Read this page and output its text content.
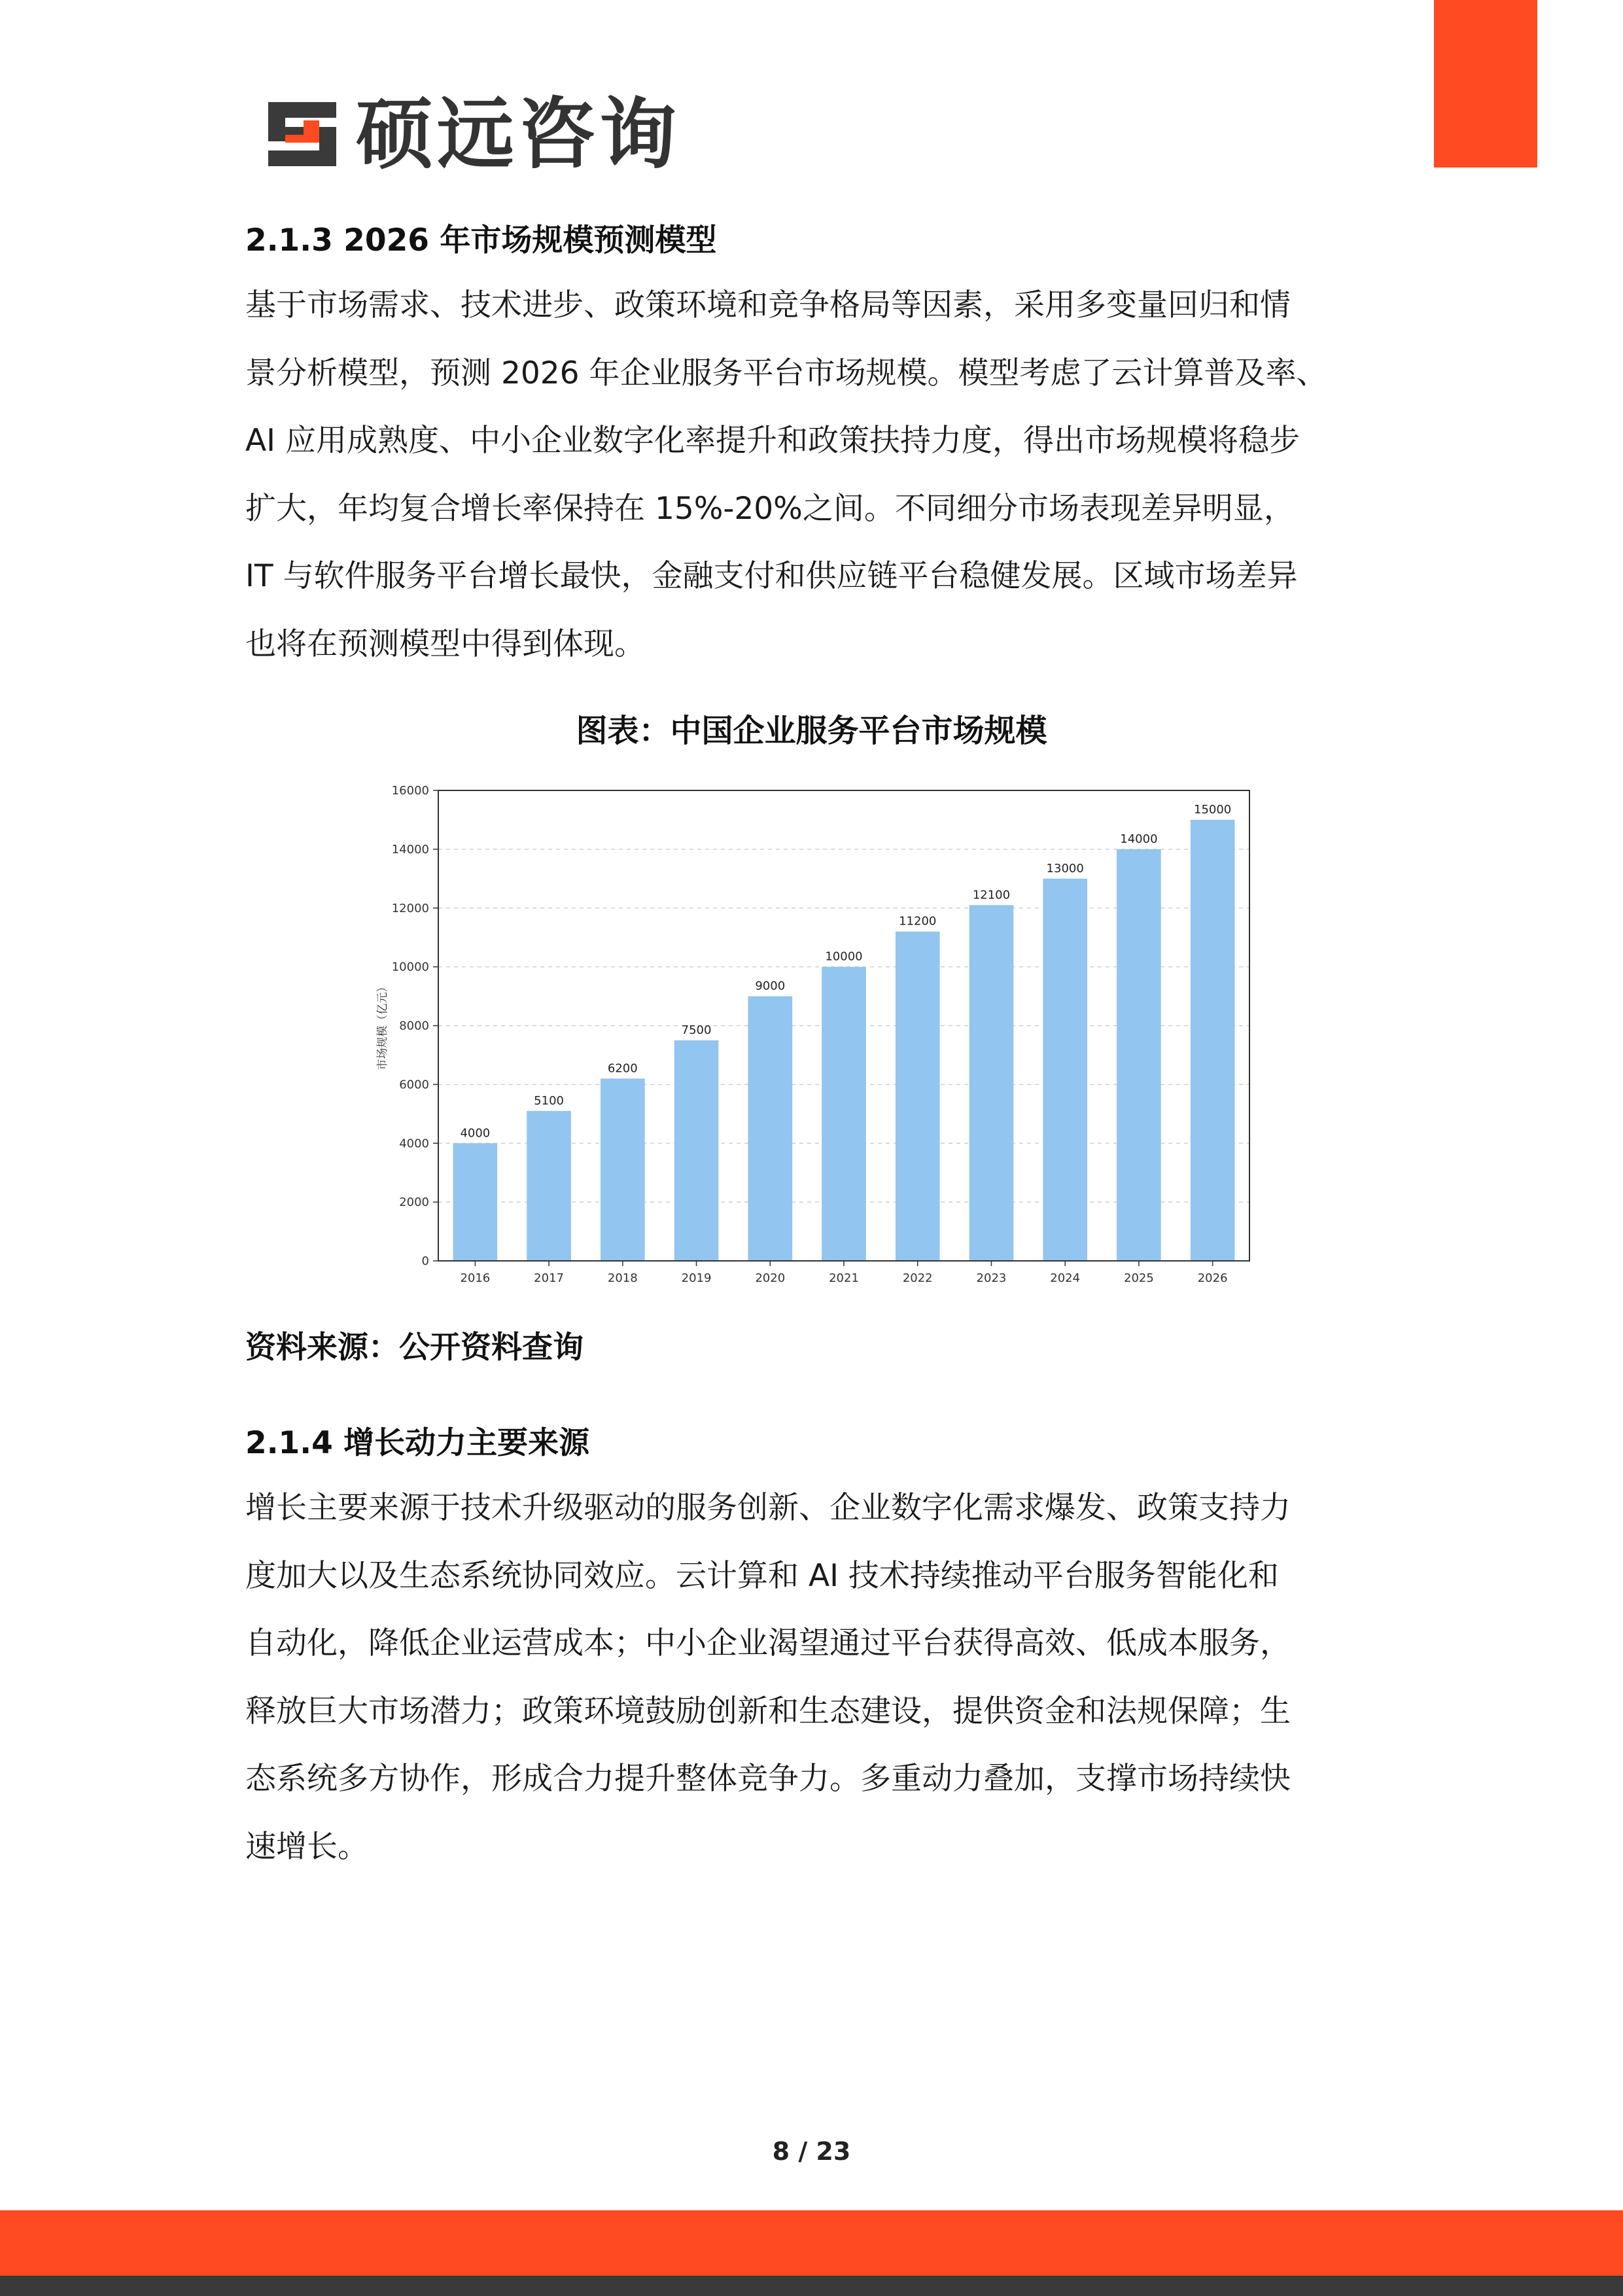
硕远咨询
2.1.3 2026 年市场规模预测模型
基于市场需求、技术进步、政策环境和竞争格局等因素，采用多变量回归和情
景分析模型，预测 2026 年企业服务平台市场规模。模型考虑了云计算普及率、
AI 应用成熟度、中小企业数字化率提升和政策扶持力度，得出市场规模将稳步
扩大，年均复合增长率保持在 15%-20%之间。不同细分市场表现差异明显，
IT 与软件服务平台增长最快，金融支付和供应链平台稳健发展。区域市场差异
也将在预测模型中得到体现。
图表：中国企业服务平台市场规模
0
2000
4000
6000
8000
10000
12000
14000
16000
4000
2016
5100
2017
6200
2018
7500
2019
9000
2020
10000
2021
11200
2022
12100
2023
13000
2024
14000
2025
15000
2026
市场规模（亿元）
资料来源：公开资料查询
2.1.4 增长动力主要来源
增长主要来源于技术升级驱动的服务创新、企业数字化需求爆发、政策支持力
度加大以及生态系统协同效应。云计算和 AI 技术持续推动平台服务智能化和
自动化，降低企业运营成本；中小企业渴望通过平台获得高效、低成本服务，
释放巨大市场潜力；政策环境鼓励创新和生态建设，提供资金和法规保障；生
态系统多方协作，形成合力提升整体竞争力。多重动力叠加，支撑市场持续快
速增长。
8 / 23
